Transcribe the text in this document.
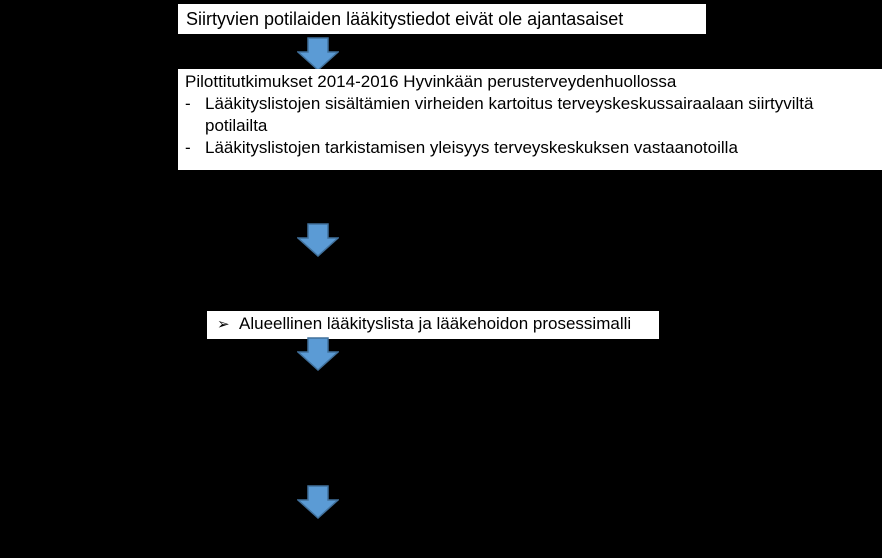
Siirtyvien potilaiden lääkitystiedot eivät ole ajantasaiset
Pilottitutkimukset 2014-2016 Hyvinkään perusterveydenhuollossa
- Lääkityslistojen sisältämien virheiden kartoitus terveyskeskussairaalaan siirtyviltä
potilailta
- Lääkityslistojen tarkistamisen yleisyys terveyskeskuksen vastaanotoilla
➢ Alueellinen lääkityslista ja lääkehoidon prosessimalli
